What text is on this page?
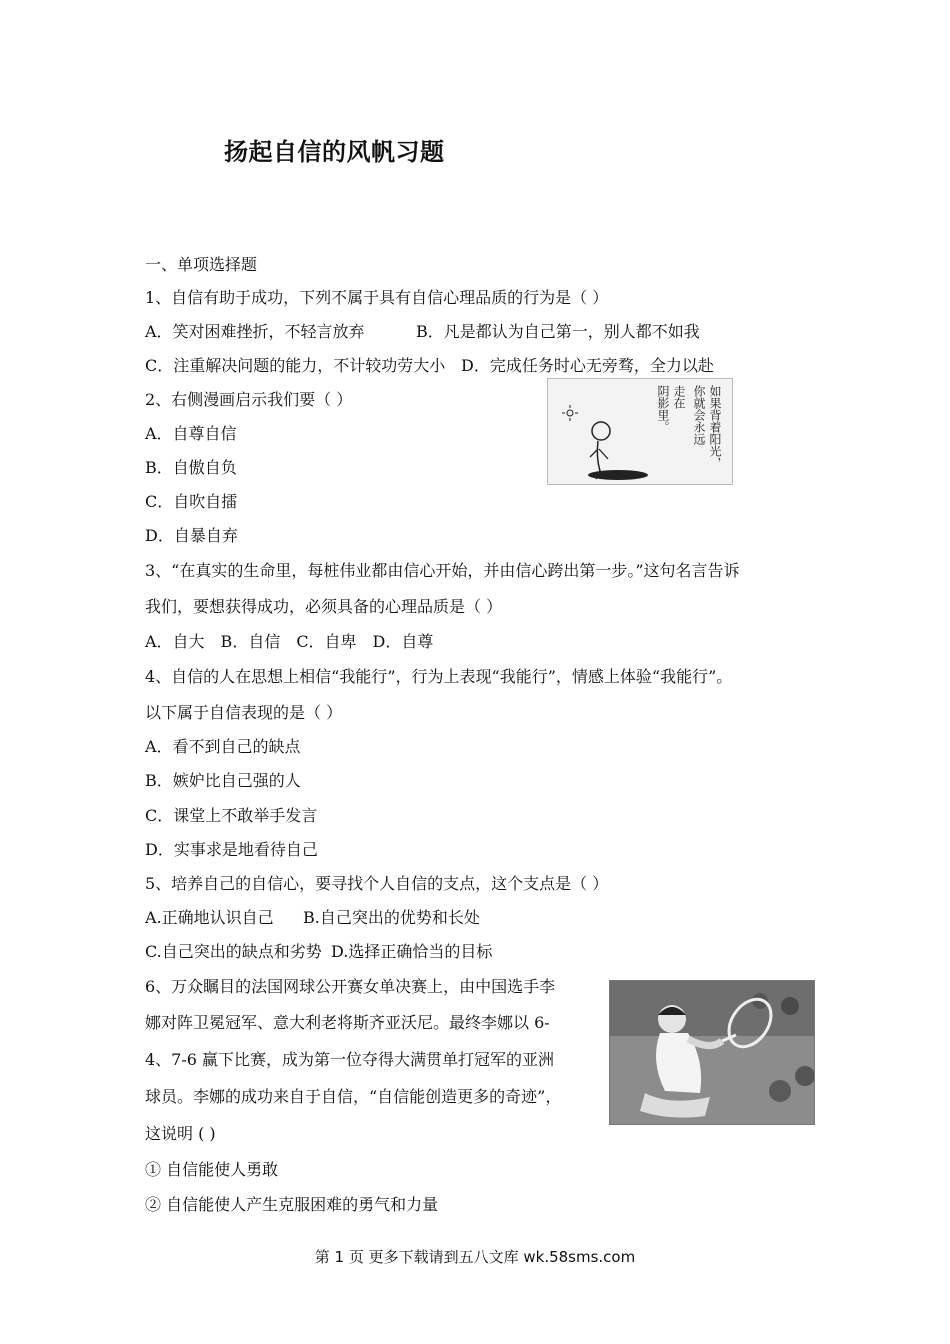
扬起自信的风帆习题
一、单项选择题
1、自信有助于成功，下列不属于具有自信心理品质的行为是（ ）
A．笑对困难挫折，不轻言放弃	B．凡是都认为自己第一，别人都不如我
C．注重解决问题的能力，不计较功劳大小 D．完成任务时心无旁骛，全力以赴
2、右侧漫画启示我们要（ ）
A．自尊自信
B．自傲自负
C．自吹自擂
D．自暴自弃
如果背着阳光，
你就会永远
走在
阴影里。
3、“在真实的生命里，每桩伟业都由信心开始，并由信心跨出第一步。”这句名言告诉
我们，要想获得成功，必须具备的心理品质是（ ）
A．自大　B．自信　C．自卑　D．自尊
4、自信的人在思想上相信“我能行”，行为上表现“我能行”，情感上体验“我能行”。
以下属于自信表现的是（ ）
A．看不到自己的缺点
B．嫉妒比自己强的人
C．课堂上不敢举手发言
D．实事求是地看待自己
5、培养自己的自信心，要寻找个人自信的支点，这个支点是（ ）
A.正确地认识自己 B.自己突出的优势和长处
C.自己突出的缺点和劣势 D.选择正确恰当的目标
6、万众瞩目的法国网球公开赛女单决赛上，由中国选手李
娜对阵卫冕冠军、意大利老将斯齐亚沃尼。最终李娜以 6-
4、7-6 赢下比赛，成为第一位夺得大满贯单打冠军的亚洲
球员。李娜的成功来自于自信，“自信能创造更多的奇迹”，
这说明 ( )
① 自信能使人勇敢
② 自信能使人产生克服困难的勇气和力量
第 1 页 更多下载请到五八文库 wk.58sms.com
